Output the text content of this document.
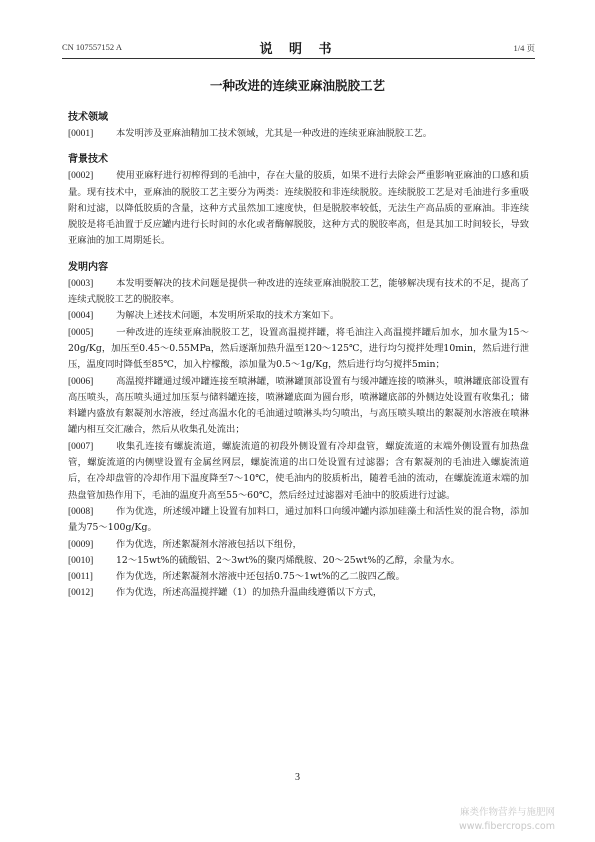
CN 107557152 A	说 明 书	1/4 页
一种改进的连续亚麻油脱胶工艺
技术领域
[0001] 本发明涉及亚麻油精加工技术领域，尤其是一种改进的连续亚麻油脱胶工艺。
背景技术
[0002] 使用亚麻籽进行初榨得到的毛油中，存在大量的胶质，如果不进行去除会严重影响亚麻油的口感和质量。现有技术中，亚麻油的脱胶工艺主要分为两类：连续脱胶和非连续脱胶。连续脱胶工艺是对毛油进行多重吸附和过滤，以降低胶质的含量，这种方式虽然加工速度快，但是脱胶率较低，无法生产高品质的亚麻油。非连续脱胶是将毛油置于反应罐内进行长时间的水化或者酶解脱胶，这种方式的脱胶率高，但是其加工时间较长，导致亚麻油的加工周期延长。
发明内容
[0003] 本发明要解决的技术问题是提供一种改进的连续亚麻油脱胶工艺，能够解决现有技术的不足，提高了连续式脱胶工艺的脱胶率。
[0004] 为解决上述技术问题，本发明所采取的技术方案如下。
[0005] 一种改进的连续亚麻油脱胶工艺，设置高温搅拌罐，将毛油注入高温搅拌罐后加水，加水量为15～20g/Kg，加压至0.45～0.55MPa，然后逐渐加热升温至120～125℃，进行均匀搅拌处理10min，然后进行泄压，温度同时降低至85℃，加入柠檬酸，添加量为0.5～1g/Kg，然后进行均匀搅拌5min；
[0006] 高温搅拌罐通过缓冲罐连接至喷淋罐，喷淋罐顶部设置有与缓冲罐连接的喷淋头，喷淋罐底部设置有高压喷头，高压喷头通过加压泵与储料罐连接，喷淋罐底面为圆台形，喷淋罐底部的外侧边处设置有收集孔；储料罐内盛放有絮凝剂水溶液，经过高温水化的毛油通过喷淋头均匀喷出，与高压喷头喷出的絮凝剂水溶液在喷淋罐内相互交汇融合，然后从收集孔处流出；
[0007] 收集孔连接有螺旋流道，螺旋流道的初段外侧设置有冷却盘管，螺旋流道的末端外侧设置有加热盘管，螺旋流道的内侧壁设置有金属丝网层，螺旋流道的出口处设置有过滤器；含有絮凝剂的毛油进入螺旋流道后，在冷却盘管的冷却作用下温度降至7～10℃，使毛油内的胶质析出，随着毛油的流动，在螺旋流道末端的加热盘管加热作用下，毛油的温度升高至55～60℃，然后经过过滤器对毛油中的胶质进行过滤。
[0008] 作为优选，所述缓冲罐上设置有加料口，通过加料口向缓冲罐内添加硅藻土和活性炭的混合物，添加量为75～100g/Kg。
[0009] 作为优选，所述絮凝剂水溶液包括以下组份，
[0010] 12～15wt%的硫酸铝、2～3wt%的聚丙烯酰胺、20～25wt%的乙醇，余量为水。
[0011] 作为优选，所述絮凝剂水溶液中还包括0.75～1wt%的乙二胺四乙酸。
[0012] 作为优选，所述高温搅拌罐（1）的加热升温曲线遵循以下方式，
3
麻类作物营养与施肥网
www.fibercrops.com
